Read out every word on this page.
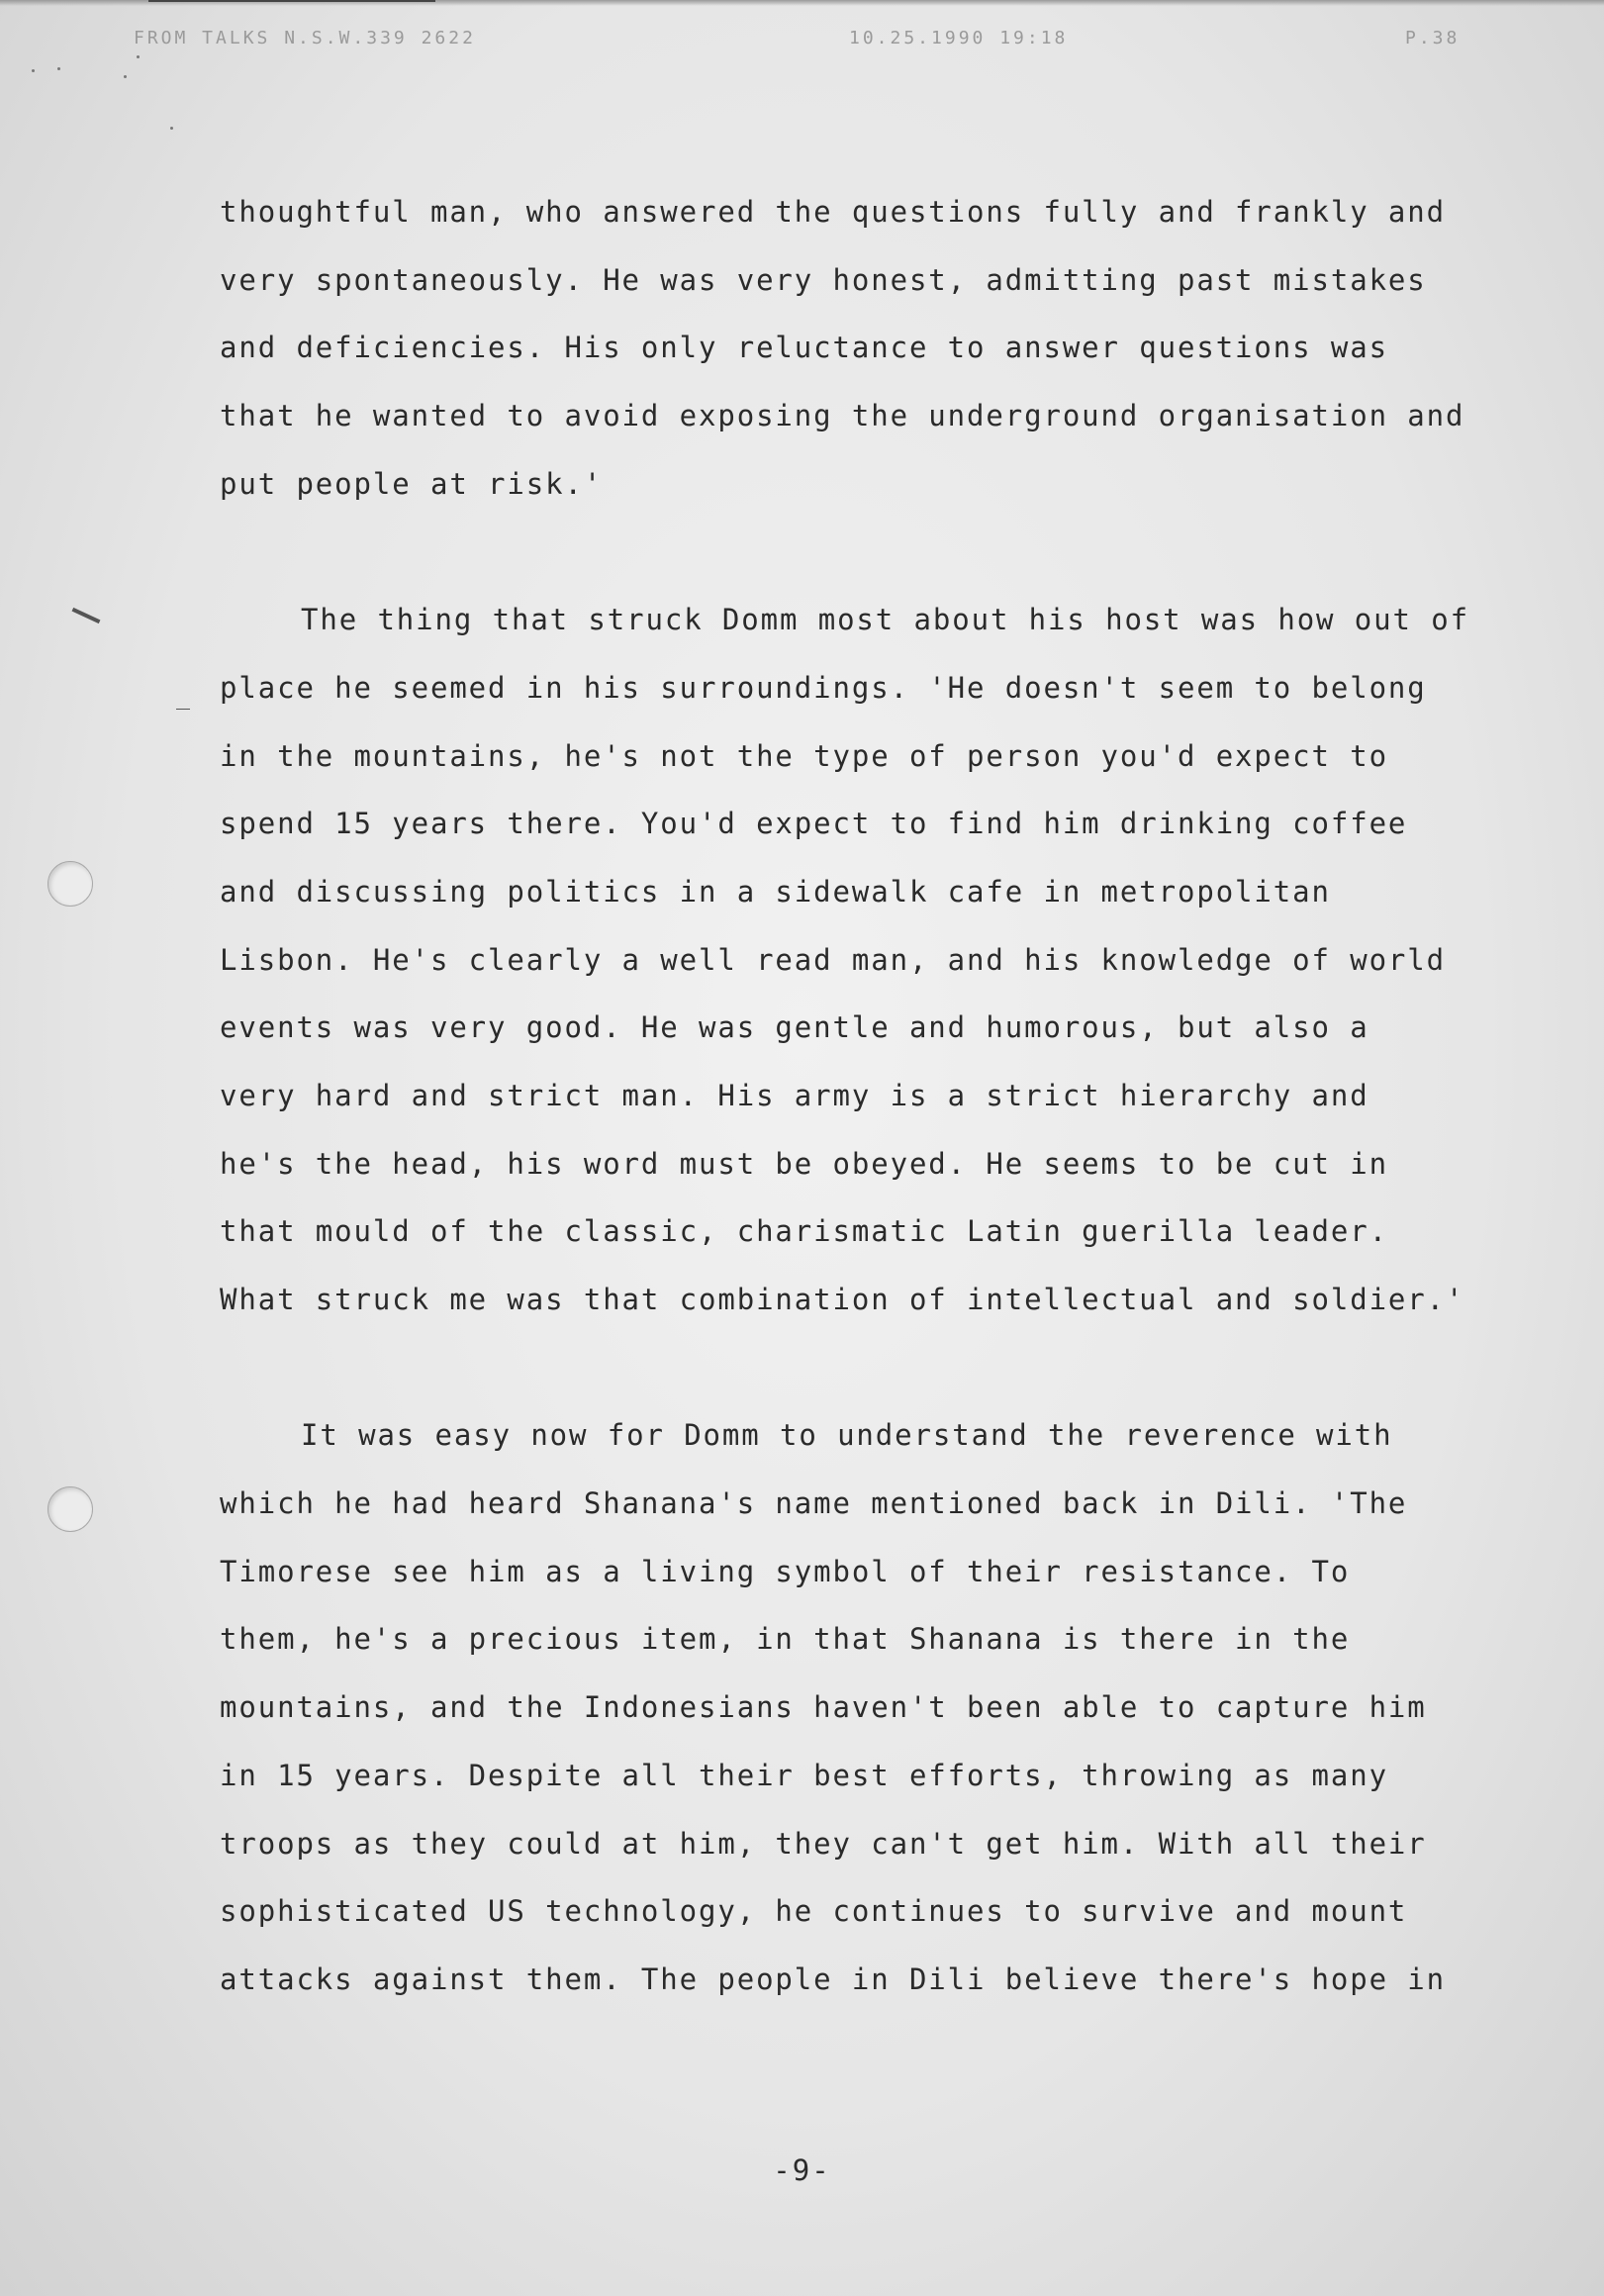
FROM TALKS N.S.W.339 2622	10.25.1990 19:18	P.38
thoughtful man, who answered the questions fully and frankly and
very spontaneously. He was very honest, admitting past mistakes
and deficiencies. His only reluctance to answer questions was
that he wanted to avoid exposing the underground organisation and
put people at risk.'
The thing that struck Domm most about his host was how out of
place he seemed in his surroundings. 'He doesn't seem to belong
in the mountains, he's not the type of person you'd expect to
spend 15 years there. You'd expect to find him drinking coffee
and discussing politics in a sidewalk cafe in metropolitan
Lisbon. He's clearly a well read man, and his knowledge of world
events was very good. He was gentle and humorous, but also a
very hard and strict man. His army is a strict hierarchy and
he's the head, his word must be obeyed. He seems to be cut in
that mould of the classic, charismatic Latin guerilla leader.
What struck me was that combination of intellectual and soldier.'
It was easy now for Domm to understand the reverence with
which he had heard Shanana's name mentioned back in Dili. 'The
Timorese see him as a living symbol of their resistance. To
them, he's a precious item, in that Shanana is there in the
mountains, and the Indonesians haven't been able to capture him
in 15 years. Despite all their best efforts, throwing as many
troops as they could at him, they can't get him. With all their
sophisticated US technology, he continues to survive and mount
attacks against them. The people in Dili believe there's hope in
-9-
